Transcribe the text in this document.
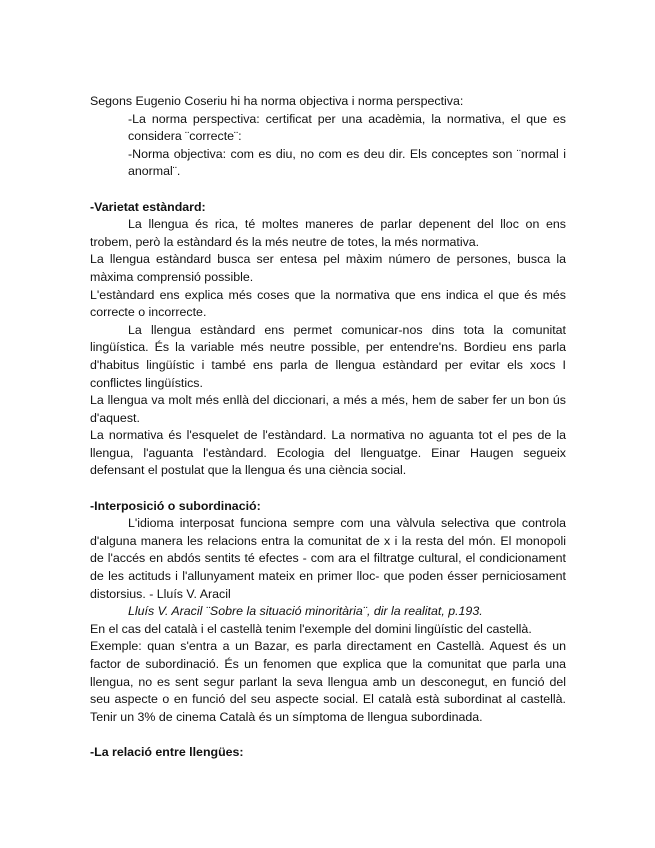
Segons Eugenio Coseriu hi ha norma objectiva i norma perspectiva:

-La norma perspectiva: certificat per una acadèmia, la normativa, el que es considera ¨correcte¨:

-Norma objectiva: com es diu, no com es deu dir. Els conceptes son ¨normal i anormal¨.

-Varietat estàndard:

La llengua és rica, té moltes maneres de parlar depenent del lloc on ens trobem, però la estàndard és la més neutre de totes, la més normativa.

La llengua estàndard busca ser entesa pel màxim número de persones, busca la màxima comprensió possible.

L'estàndard ens explica més coses que la normativa que ens indica el que és més correcte o incorrecte.

La llengua estàndard ens permet comunicar-nos dins tota la comunitat lingüística. És la variable més neutre possible, per entendre'ns. Bordieu ens parla d'habitus lingüístic i també ens parla de llengua estàndard per evitar els xocs I conflictes lingüístics.

La llengua va molt més enllà del diccionari, a més a més, hem de saber fer un bon ús d'aquest.

La normativa és l'esquelet de l'estàndard. La normativa no aguanta tot el pes de la llengua, l'aguanta l'estàndard. Ecologia del llenguatge. Einar Haugen segueix defensant el postulat que la llengua és una ciència social.

-Interposició o subordinació:

L'idioma interposat funciona sempre com una vàlvula selectiva que controla d'alguna manera les relacions entra la comunitat de x i la resta del món. El monopoli de l'accés en abdós sentits té efectes - com ara el filtratge cultural, el condicionament de les actituds i l'allunyament mateix en primer lloc- que poden ésser perniciosament distorsius. - Lluís V. Aracil

Lluís V. Aracil ¨Sobre la situació minoritària¨, dir la realitat, p.193.

En el cas del català i el castellà tenim l'exemple del domini lingüístic del castellà.

Exemple: quan s'entra a un Bazar, es parla directament en Castellà. Aquest és un factor de subordinació. És un fenomen que explica que la comunitat que parla una llengua, no es sent segur parlant la seva llengua amb un desconegut, en funció del seu aspecte o en funció del seu aspecte social. El català està subordinat al castellà. Tenir un 3% de cinema Català és un símptoma de llengua subordinada.

-La relació entre llengües:
